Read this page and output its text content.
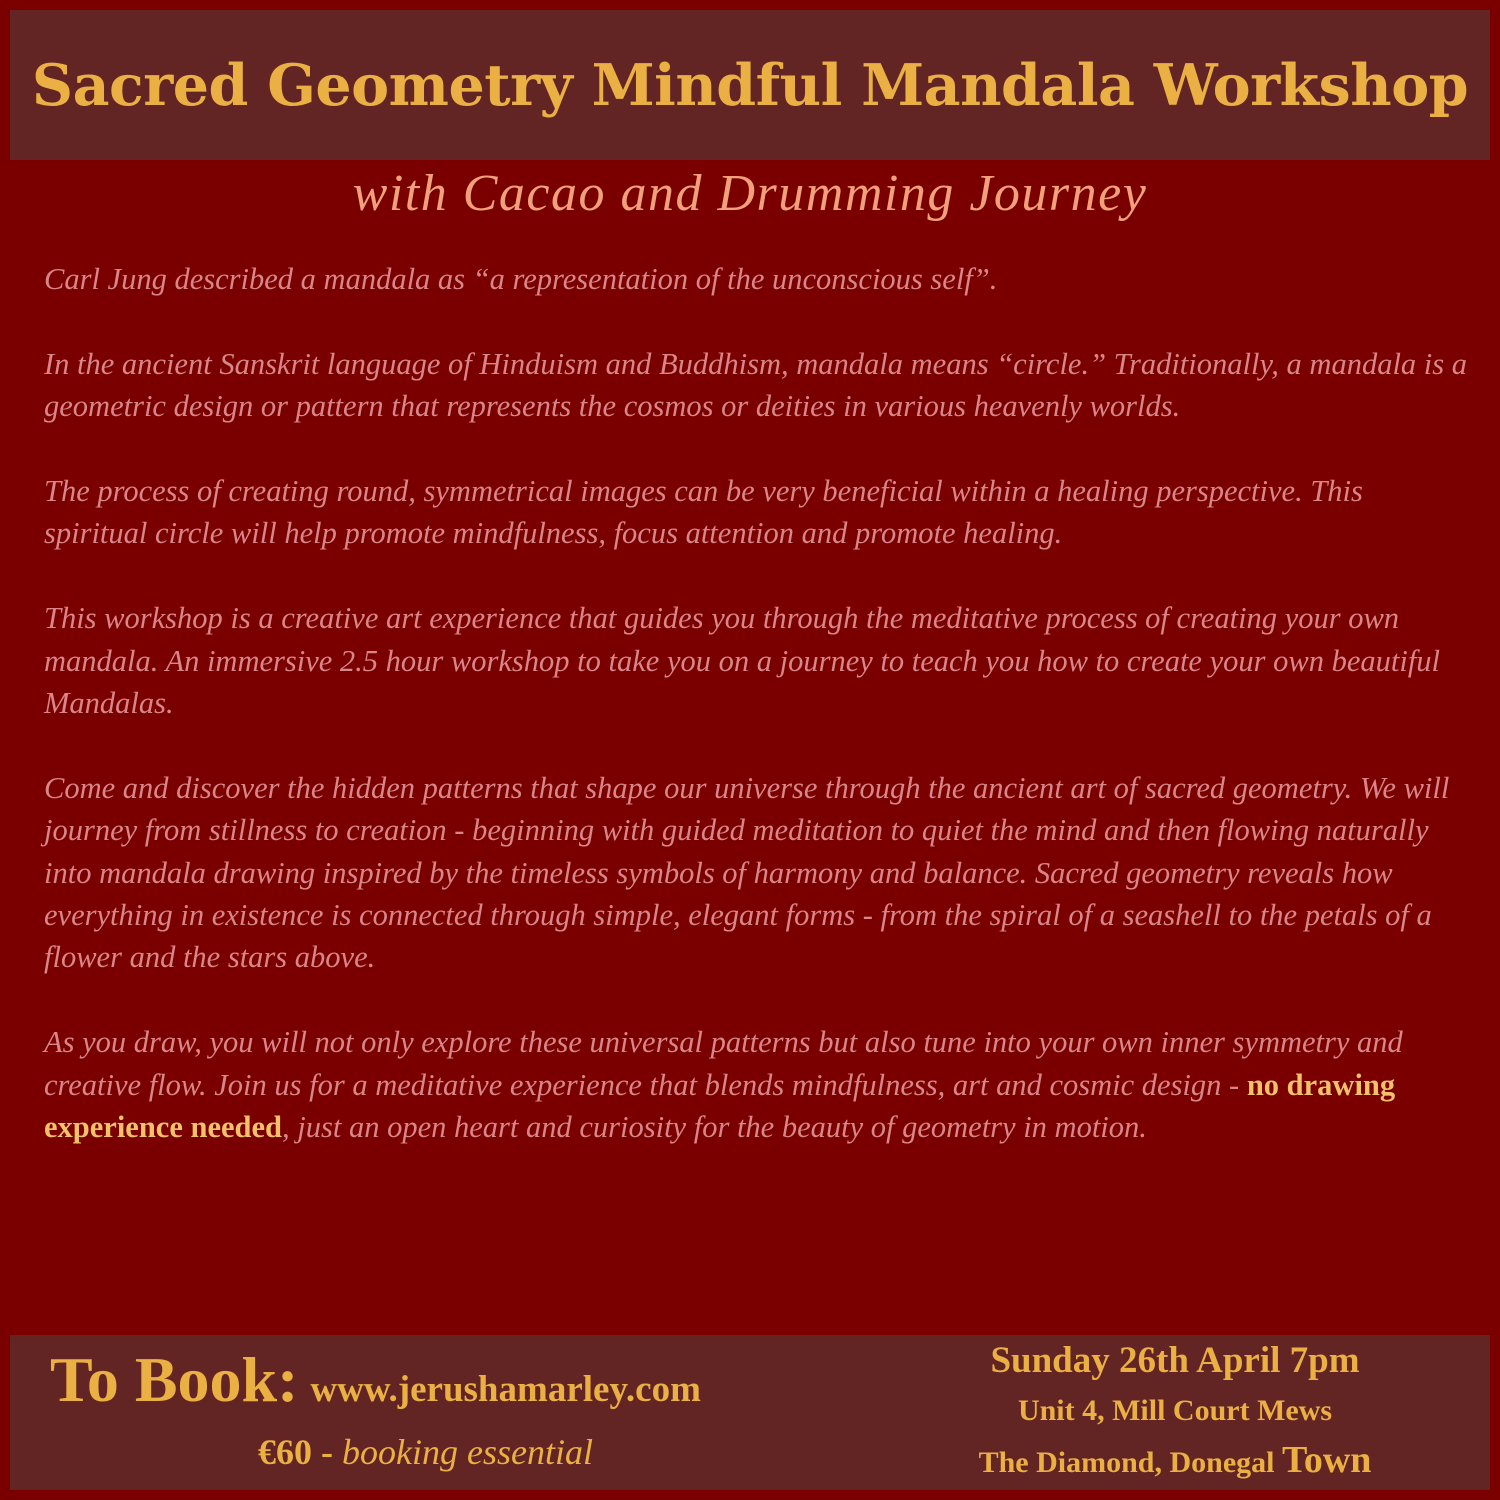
Sacred Geometry Mindful Mandala Workshop
with Cacao and Drumming Journey

Carl Jung described a mandala as “a representation of the unconscious self”.

In the ancient Sanskrit language of Hinduism and Buddhism, mandala means “circle.” Traditionally, a mandala is a geometric design or pattern that represents the cosmos or deities in various heavenly worlds.

The process of creating round, symmetrical images can be very beneficial within a healing perspective. This spiritual circle will help promote mindfulness, focus attention and promote healing.

This workshop is a creative art experience that guides you through the meditative process of creating your own mandala. An immersive 2.5 hour workshop to take you on a journey to teach you how to create your own beautiful Mandalas.

Come and discover the hidden patterns that shape our universe through the ancient art of sacred geometry. We will journey from stillness to creation - beginning with guided meditation to quiet the mind and then flowing naturally into mandala drawing inspired by the timeless symbols of harmony and balance. Sacred geometry reveals how everything in existence is connected through simple, elegant forms - from the spiral of a seashell to the petals of a flower and the stars above.

As you draw, you will not only explore these universal patterns but also tune into your own inner symmetry and creative flow. Join us for a meditative experience that blends mindfulness, art and cosmic design - no drawing experience needed, just an open heart and curiosity for the beauty of geometry in motion.

To Book: www.jerushamarley.com
€60 - booking essential
Sunday 26th April 7pm
Unit 4, Mill Court Mews
The Diamond, Donegal Town
